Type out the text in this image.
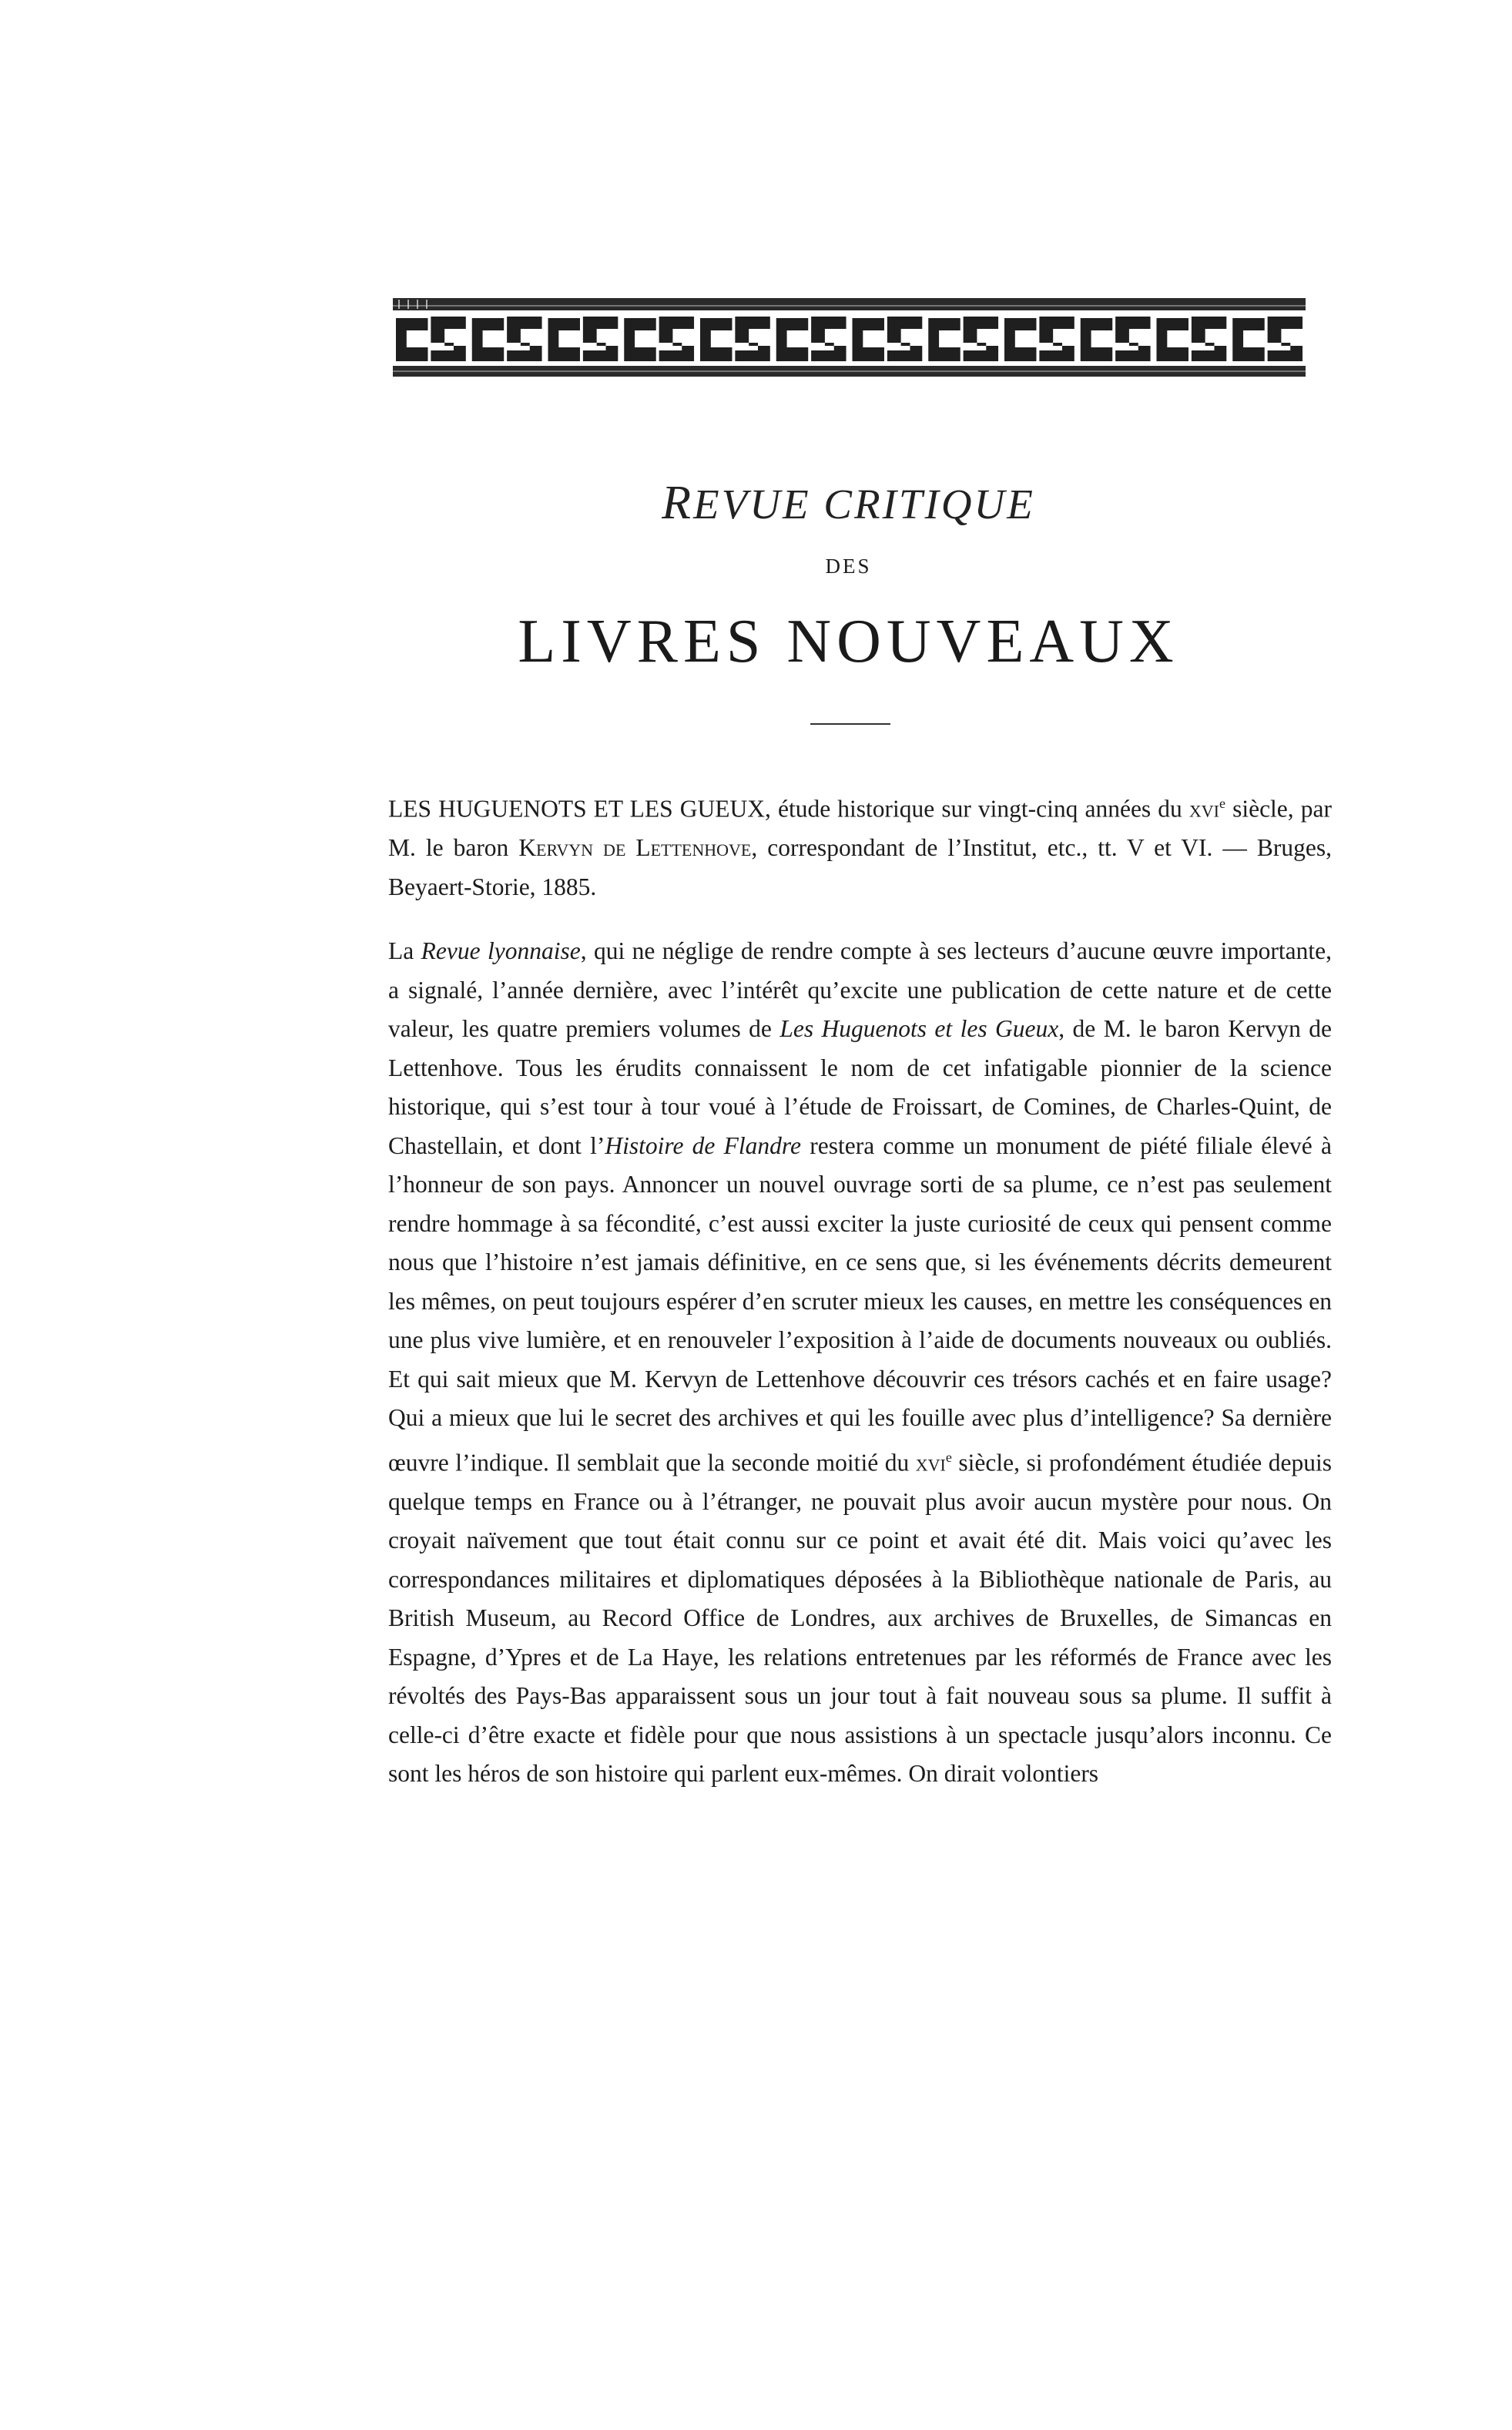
REVUE CRITIQUE
DES
LIVRES NOUVEAUX
LES HUGUENOTS ET LES GUEUX, étude historique sur vingt-cinq années du xvi$^e$ siècle, par M. le baron Kervyn de Lettenhove, correspondant de l’Institut, etc., tt. V et VI. — Bruges, Beyaert-Storie, 1885.

La Revue lyonnaise, qui ne néglige de rendre compte à ses lecteurs d’aucune œuvre importante, a signalé, l’année dernière, avec l’intérêt qu’excite une publication de cette nature et de cette valeur, les quatre premiers volumes de Les Huguenots et les Gueux, de M. le baron Kervyn de Lettenhove. Tous les érudits connaissent le nom de cet infatigable pionnier de la science historique, qui s’est tour à tour voué à l’étude de Froissart, de Comines, de Charles-Quint, de Chastellain, et dont l’Histoire de Flandre restera comme un monument de piété filiale élevé à l’honneur de son pays. Annoncer un nouvel ouvrage sorti de sa plume, ce n’est pas seulement rendre hommage à sa fécondité, c’est aussi exciter la juste curiosité de ceux qui pensent comme nous que l’histoire n’est jamais définitive, en ce sens que, si les événements décrits demeurent les mêmes, on peut toujours espérer d’en scruter mieux les causes, en mettre les conséquences en une plus vive lumière, et en renouveler l’exposition à l’aide de documents nouveaux ou oubliés. Et qui sait mieux que M. Kervyn de Lettenhove découvrir ces trésors cachés et en faire usage? Qui a mieux que lui le secret des archives et qui les fouille avec plus d’intelligence? Sa dernière œuvre l’indique. Il semblait que la seconde moitié du xvi$^e$ siècle, si profondément étudiée depuis quelque temps en France ou à l’étranger, ne pouvait plus avoir aucun mystère pour nous. On croyait naïvement que tout était connu sur ce point et avait été dit. Mais voici qu’avec les correspondances militaires et diplomatiques déposées à la Bibliothèque nationale de Paris, au British Museum, au Record Office de Londres, aux archives de Bruxelles, de Simancas en Espagne, d’Ypres et de La Haye, les relations entretenues par les réformés de France avec les révoltés des Pays-Bas apparaissent sous un jour tout à fait nouveau sous sa plume. Il suffit à celle-ci d’être exacte et fidèle pour que nous assistions à un spectacle jusqu’alors inconnu. Ce sont les héros de son histoire qui parlent eux-mêmes. On dirait volontiers
